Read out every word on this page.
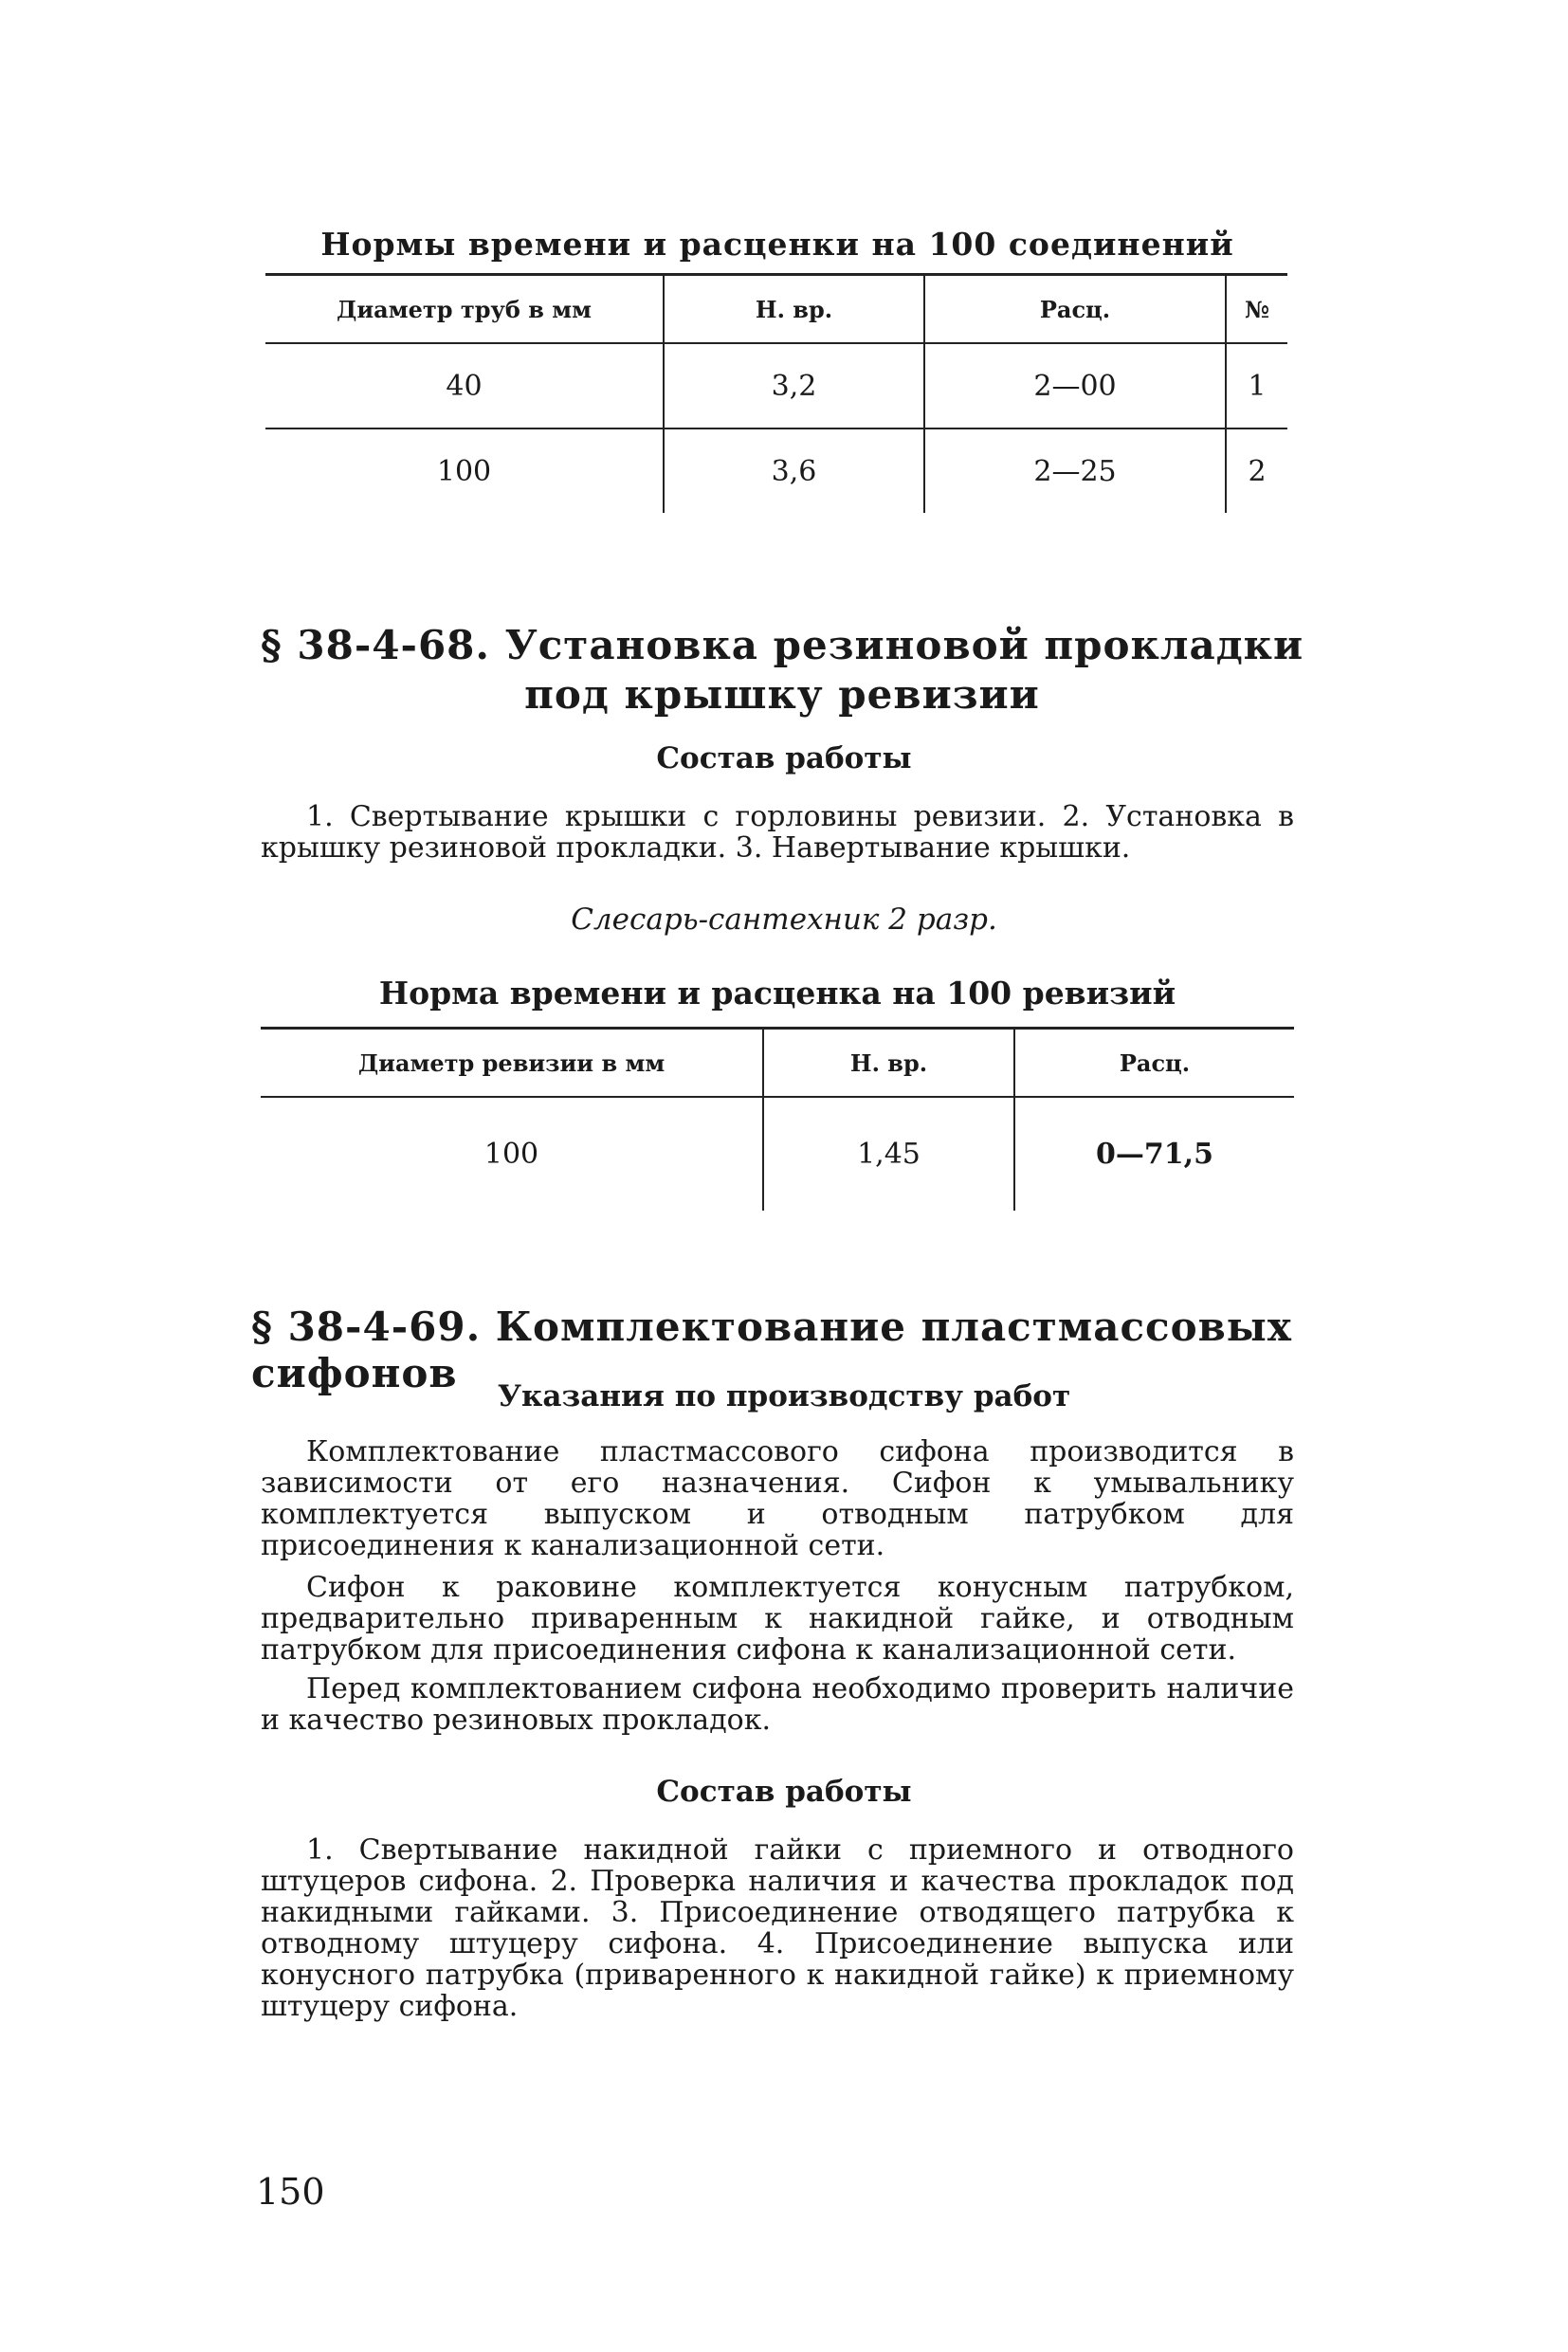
Нормы времени и расценки на 100 соединений
Диаметр труб в мм	Н. вр.	Расц.	№
40	3,2	2—00	1
100	3,6	2—25	2
§ 38-4-68. Установка резиновой прокладки
под крышку ревизии
Состав работы
1. Свертывание крышки с горловины ревизии. 2. Установка в крышку резиновой прокладки. 3. Навертывание крышки.
Слесарь-сантехник 2 разр.
Норма времени и расценка на 100 ревизий
Диаметр ревизии в мм	Н. вр.	Расц.
100	1,45	0—71,5
§ 38-4-69. Комплектование пластмассовых сифонов	Указания по производству работ
Комплектование пластмассового сифона производится в зависимости от его назначения. Сифон к умывальнику комплектуется выпуском и отводным патрубком для присоединения к канализационной сети.
Сифон к раковине комплектуется конусным патрубком, предварительно приваренным к накидной гайке, и отводным патрубком для присоединения сифона к канализационной сети.
Перед комплектованием сифона необходимо проверить наличие и качество резиновых прокладок.
Состав работы
1. Свертывание накидной гайки с приемного и отводного штуцеров сифона. 2. Проверка наличия и качества прокладок под накидными гайками. 3. Присоединение отводящего патрубка к отводному штуцеру сифона. 4. Присоединение выпуска или конусного патрубка (приваренного к накидной гайке) к приемному штуцеру сифона.
150
